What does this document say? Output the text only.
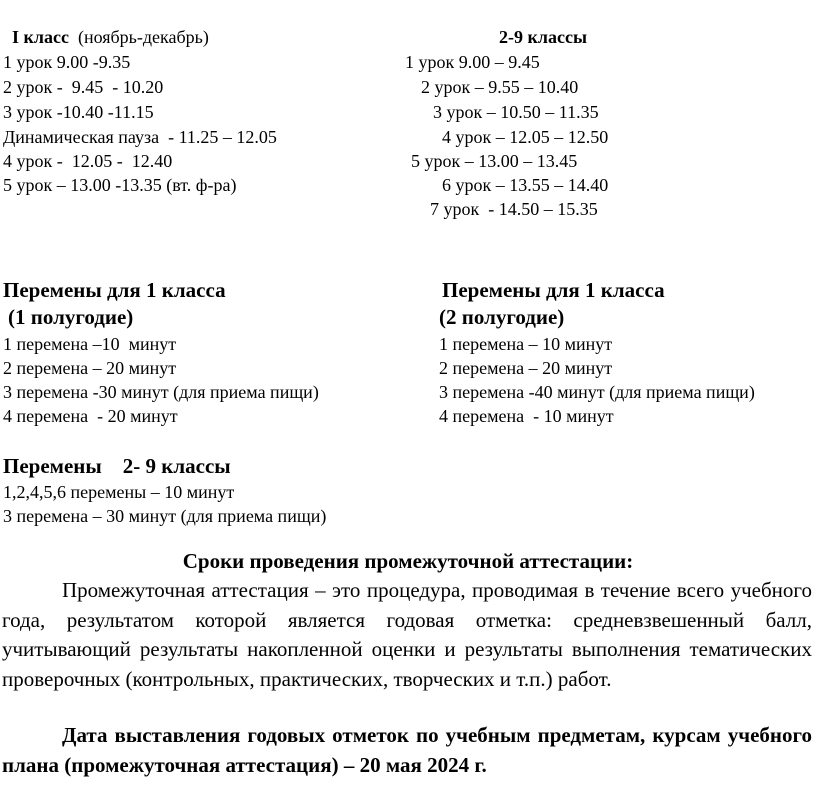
I класс (ноябрь-декабрь)
1 урок 9.00 -9.35
2 урок -  9.45  - 10.20
3 урок -10.40 -11.15
Динамическая пауза  - 11.25 – 12.05
4 урок -  12.05 -  12.40
5 урок – 13.00 -13.35 (вт. ф-ра)
2-9 классы
1 урок 9.00 – 9.45
2 урок – 9.55 – 10.40
3 урок – 10.50 – 11.35
4 урок – 12.05 – 12.50
5 урок – 13.00 – 13.45
6 урок – 13.55 – 14.40
7 урок  - 14.50 – 15.35
Перемены для 1 класса
(1 полугодие)
1 перемена –10  минут
2 перемена – 20 минут
3 перемена -30 минут (для приема пищи)
4 перемена  - 20 минут
Перемены для 1 класса
(2 полугодие)
1 перемена – 10 минут
2 перемена – 20 минут
3 перемена -40 минут (для приема пищи)
4 перемена  - 10 минут
Перемены    2- 9 классы
1,2,4,5,6 перемены – 10 минут
3 перемена – 30 минут (для приема пищи)
Сроки проведения промежуточной аттестации:

Промежуточная аттестация – это процедура, проводимая в течение всего учебного года, результатом которой является годовая отметка: средневзвешенный балл, учитывающий результаты накопленной оценки и результаты выполнения тематических проверочных (контрольных, практических, творческих и т.п.) работ.

Дата выставления годовых отметок по учебным предметам, курсам учебного плана (промежуточная аттестация) – 20 мая 2024 г.
